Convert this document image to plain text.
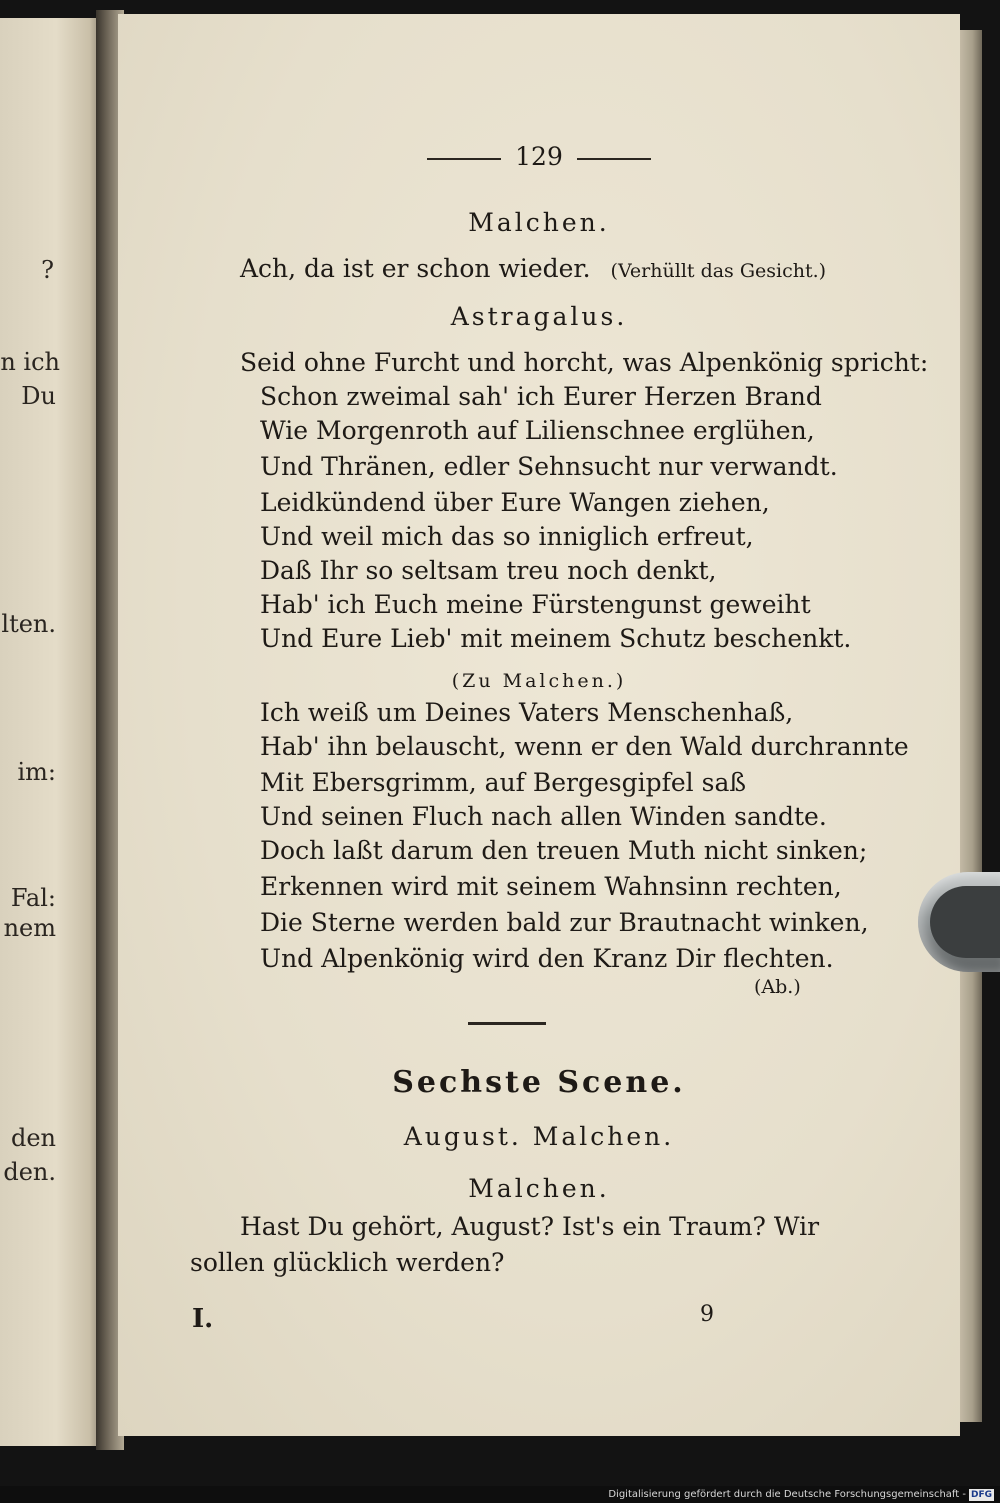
?
n ich
Du
lten.
im:
Fal:
nem
den
den.
129
Malchen.
Ach, da ist er schon wieder. (Verhüllt das Gesicht.)
Astragalus.
Seid ohne Furcht und horcht, was Alpenkönig spricht:
Schon zweimal sah' ich Eurer Herzen Brand
Wie Morgenroth auf Lilienschnee erglühen,
Und Thränen, edler Sehnsucht nur verwandt.
Leidkündend über Eure Wangen ziehen,
Und weil mich das so inniglich erfreut,
Daß Ihr so seltsam treu noch denkt,
Hab' ich Euch meine Fürstengunst geweiht
Und Eure Lieb' mit meinem Schutz beschenkt.
(Zu Malchen.)
Ich weiß um Deines Vaters Menschenhaß,
Hab' ihn belauscht, wenn er den Wald durchrannte
Mit Ebersgrimm, auf Bergesgipfel saß
Und seinen Fluch nach allen Winden sandte.
Doch laßt darum den treuen Muth nicht sinken;
Erkennen wird mit seinem Wahnsinn rechten,
Die Sterne werden bald zur Brautnacht winken,
Und Alpenkönig wird den Kranz Dir flechten.
(Ab.)
Sechste Scene.
August. Malchen.
Malchen.
Hast Du gehört, August? Ist's ein Traum? Wir
sollen glücklich werden?
I.	9
Digitalisierung gefördert durch die Deutsche Forschungsgemeinschaft - DFG
